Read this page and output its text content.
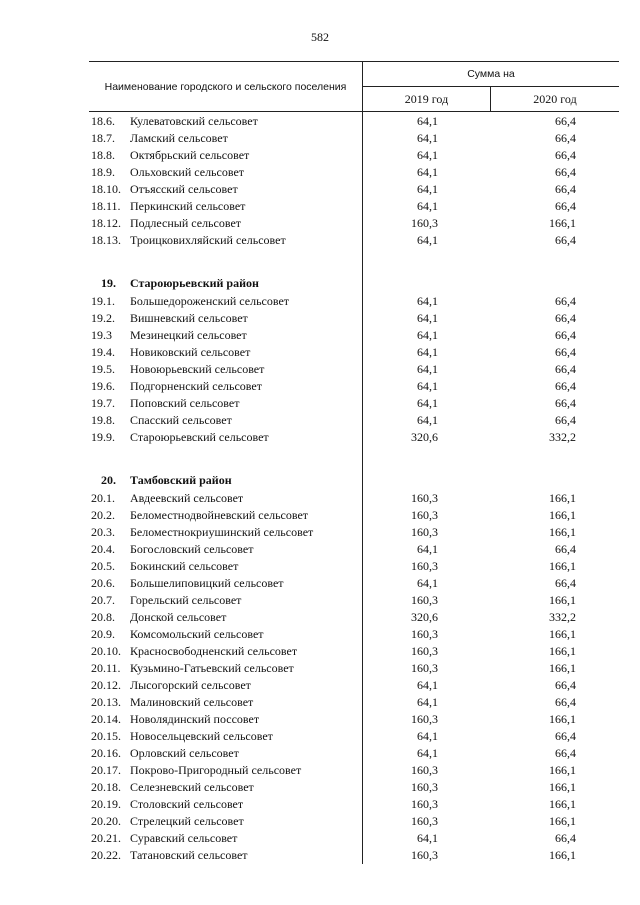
582
Наименование городского и сельского поселения
Сумма на
2019 год	2020 год
18.6. Кулеватовский сельсовет	64,1	66,4
18.7. Ламский сельсовет	64,1	66,4
18.8. Октябрьский сельсовет	64,1	66,4
18.9. Ольховский сельсовет	64,1	66,4
18.10. Отъясский сельсовет	64,1	66,4
18.11. Перкинский сельсовет	64,1	66,4
18.12. Подлесный сельсовет	160,3	166,1
18.13. Троицковихляйский сельсовет	64,1	66,4
19. Староюрьевский район
19.1. Большедороженский сельсовет	64,1	66,4
19.2. Вишневский сельсовет	64,1	66,4
19.3 Мезинецкий сельсовет	64,1	66,4
19.4. Новиковский сельсовет	64,1	66,4
19.5. Новоюрьевский сельсовет	64,1	66,4
19.6. Подгорненский сельсовет	64,1	66,4
19.7. Поповский сельсовет	64,1	66,4
19.8. Спасский сельсовет	64,1	66,4
19.9. Староюрьевский сельсовет	320,6	332,2
20. Тамбовский район
20.1. Авдеевский сельсовет	160,3	166,1
20.2. Беломестнодвойневский сельсовет	160,3	166,1
20.3. Беломестнокриушинский сельсовет	160,3	166,1
20.4. Богословский сельсовет	64,1	66,4
20.5. Бокинский сельсовет	160,3	166,1
20.6. Большелиповицкий сельсовет	64,1	66,4
20.7. Горельский сельсовет	160,3	166,1
20.8. Донской сельсовет	320,6	332,2
20.9. Комсомольский сельсовет	160,3	166,1
20.10. Красносвободненский сельсовет	160,3	166,1
20.11. Кузьмино-Гатьевский сельсовет	160,3	166,1
20.12. Лысогорский сельсовет	64,1	66,4
20.13. Малиновский сельсовет	64,1	66,4
20.14. Новолядинский поссовет	160,3	166,1
20.15. Новосельцевский сельсовет	64,1	66,4
20.16. Орловский сельсовет	64,1	66,4
20.17. Покрово-Пригородный сельсовет	160,3	166,1
20.18. Селезневский сельсовет	160,3	166,1
20.19. Столовский сельсовет	160,3	166,1
20.20. Стрелецкий сельсовет	160,3	166,1
20.21. Суравский сельсовет	64,1	66,4
20.22. Татановский сельсовет	160,3	166,1
